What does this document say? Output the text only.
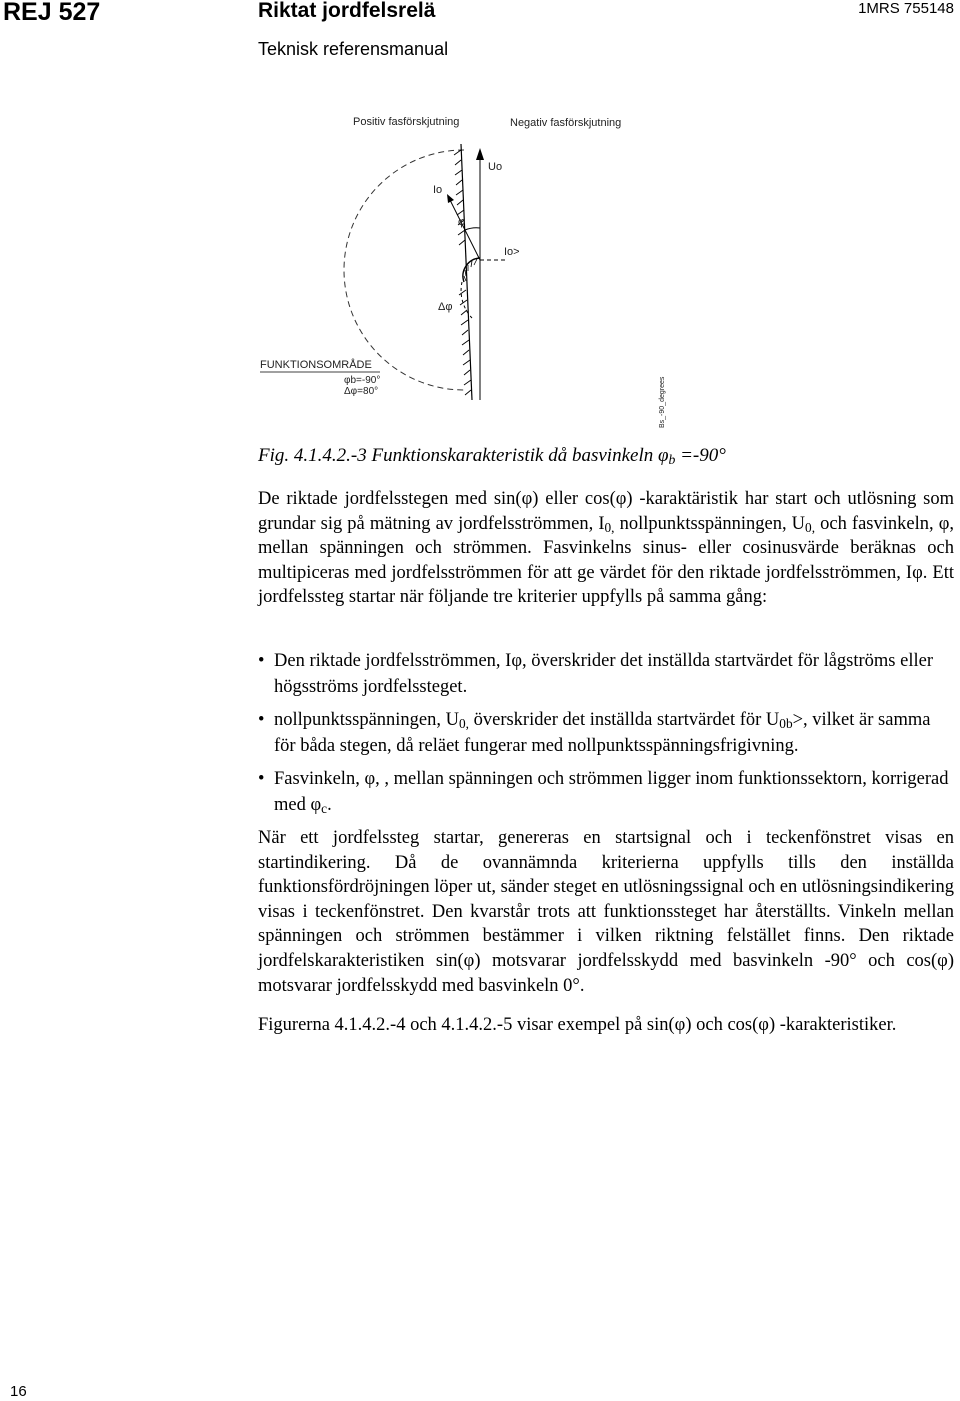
REJ 527	Riktat jordfelsrelä	1MRS 755148
Teknisk referensmanual
Positiv fasförskjutning	Negativ fasförskjutning
Uo
Io
φ
Io>
Δφ
FUNKTIONSOMRÅDE
φb=-90°
Δφ=80°	Bs_-90_degrees
Fig. 4.1.4.2.-3 Funktionskarakteristik då basvinkeln $\varphi_b =-90^\circ$

De riktade jordfelsstegen med sin(φ) eller cos(φ) -karaktäristik har start och utlösning som grundar sig på mätning av jordfelsströmmen, $I_{0,}$ nollpunktsspänningen, $U_{0,}$ och fasvinkeln, φ, mellan spänningen och strömmen. Fasvinkelns sinus- eller cosinusvärde beräknas och multipiceras med jordfelsströmmen för att ge värdet för den riktade jordfelsströmmen, Iφ. Ett jordfelssteg startar när följande tre kriterier uppfylls på samma gång:

• Den riktade jordfelsströmmen, Iφ, överskrider det inställda startvärdet för lågströms eller högsströms jordfelssteget.
• nollpunktsspänningen, $U_{0,}$ överskrider det inställda startvärdet för $U_{0b}>$, vilket är samma för båda stegen, då reläet fungerar med nollpunktsspänningsfrigivning.
• Fasvinkeln, φ, , mellan spänningen och strömmen ligger inom funktionssektorn, korrigerad med $\varphi_c$.

När ett jordfelssteg startar, genereras en startsignal och i teckenfönstret visas en startindikering. Då de ovannämnda kriterierna uppfylls tills den inställda funktionsfördröjningen löper ut, sänder steget en utlösningssignal och en utlösningsindikering visas i teckenfönstret. Den kvarstår trots att funktionssteget har återställts. Vinkeln mellan spänningen och strömmen bestämmer i vilken riktning felstället finns. Den riktade jordfelskarakteristiken sin(φ) motsvarar jordfelsskydd med basvinkeln -90° och cos(φ) motsvarar jordfelsskydd med basvinkeln 0°.

Figurerna 4.1.4.2.-4 och 4.1.4.2.-5 visar exempel på sin(φ) och cos(φ) -karakteristiker.

16
